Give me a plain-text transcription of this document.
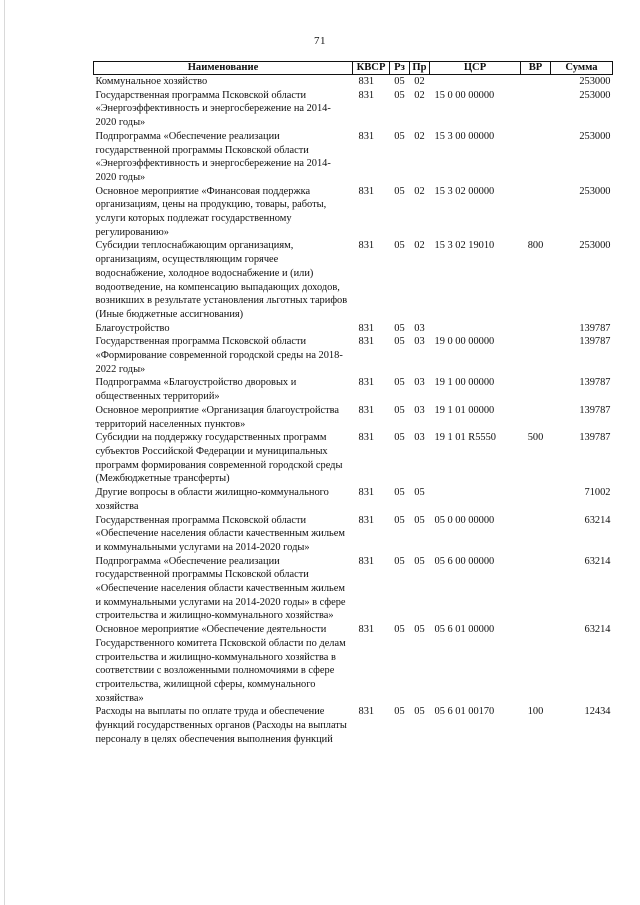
71
Наименование	КВСР	Рз	Пр	ЦСР	ВР	Сумма
Коммунальное хозяйство	831	05	02			253000
Государственная программа Псковской области «Энергоэффективность и энергосбережение на 2014-2020 годы»	831	05	02	15 0 00 00000		253000
Подпрограмма «Обеспечение реализации государственной программы Псковской области «Энергоэффективность и энергосбережение на 2014-2020 годы»	831	05	02	15 3 00 00000		253000
Основное мероприятие «Финансовая поддержка организациям, цены на продукцию, товары, работы, услуги которых подлежат государственному регулированию»	831	05	02	15 3 02 00000		253000
Субсидии теплоснабжающим организациям, организациям, осуществляющим горячее водоснабжение, холодное водоснабжение и (или) водоотведение, на компенсацию выпадающих доходов, возникших в результате установления льготных тарифов (Иные бюджетные ассигнования)	831	05	02	15 3 02 19010	800	253000
Благоустройство	831	05	03			139787
Государственная программа Псковской области «Формирование современной городской среды на 2018-2022 годы»	831	05	03	19 0 00 00000		139787
Подпрограмма «Благоустройство дворовых и общественных территорий»	831	05	03	19 1 00 00000		139787
Основное мероприятие «Организация благоустройства территорий населенных пунктов»	831	05	03	19 1 01 00000		139787
Субсидии на поддержку государственных программ субъектов Российской Федерации и муниципальных программ формирования современной городской среды (Межбюджетные трансферты)	831	05	03	19 1 01 R5550	500	139787
Другие вопросы в области жилищно-коммунального хозяйства	831	05	05			71002
Государственная программа Псковской области «Обеспечение населения области качественным жильем и коммунальными услугами на 2014-2020 годы»	831	05	05	05 0 00 00000		63214
Подпрограмма «Обеспечение реализации государственной программы Псковской области «Обеспечение населения области качественным жильем и коммунальными услугами на 2014-2020 годы» в сфере строительства и жилищно-коммунального хозяйства»	831	05	05	05 6 00 00000		63214
Основное мероприятие «Обеспечение деятельности Государственного комитета Псковской области по делам строительства и жилищно-коммунального хозяйства в соответствии с возложенными полномочиями в сфере строительства, жилищной сферы, коммунального хозяйства»	831	05	05	05 6 01 00000		63214
Расходы на выплаты по оплате труда и обеспечение функций государственных органов (Расходы на выплаты персоналу в целях обеспечения выполнения функций	831	05	05	05 6 01 00170	100	12434
